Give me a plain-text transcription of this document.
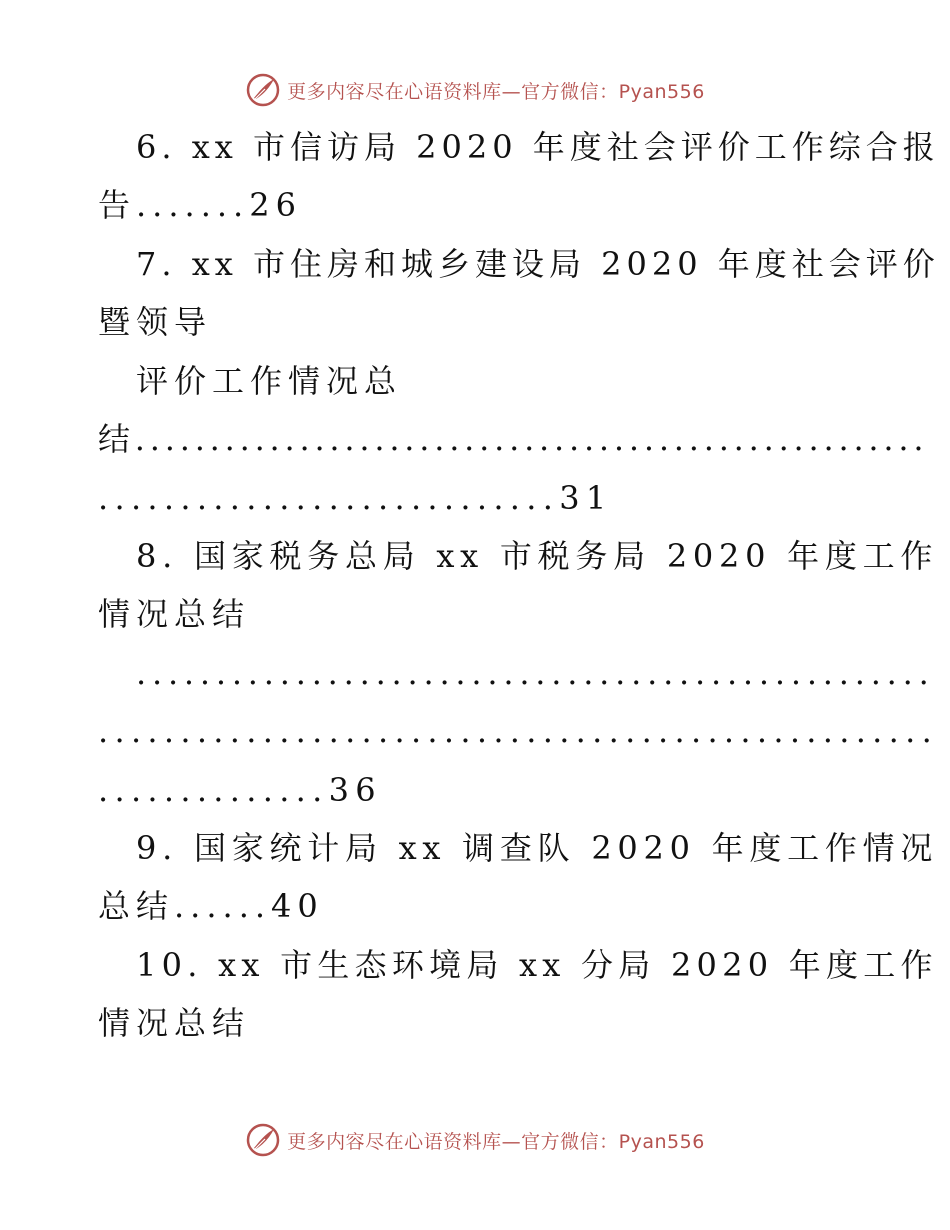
更多内容尽在心语资料库—官方微信：Pyan556
6. xx 市信访局 2020 年度社会评价工作综合报
告.......26
7. xx 市住房和城乡建设局 2020 年度社会评价
暨领导
评价工作情况总
结.....................................................
............................31
8. 国家税务总局 xx 市税务局 2020 年度工作
情况总结
..................................................
...................................................
..............36
9. 国家统计局 xx 调查队 2020 年度工作情况
总结......40
10. xx 市生态环境局 xx 分局 2020 年度工作
情况总结
更多内容尽在心语资料库—官方微信：Pyan556
